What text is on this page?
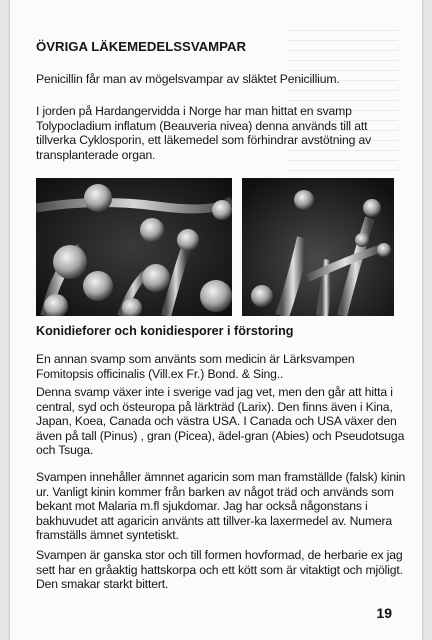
ÖVRIGA LÄKEMEDELSSVAMPAR
Penicillin får man av mögelsvampar av släktet Penicillium.
I jorden på Hardangervidda i Norge har man hittat en svamp Tolypocladium inflatum (Beauveria nivea) denna används till att tillverka Cyklosporin, ett läkemedel som förhindrar avstötning av transplanterade organ.
Konidieforer och konidiesporer i förstoring
En annan svamp som använts som medicin är Lärksvampen Fomitopsis officinalis (Vill.ex Fr.) Bond. & Sing..
Denna svamp växer inte i sverige vad jag vet, men den går att hitta i central, syd och östeuropa på lärkträd (Larix). Den finns även i Kina, Japan, Koea, Canada och västra USA. I Canada och USA växer den även på tall (Pinus) , gran (Picea), ädel-gran (Abies) och Pseudotsuga och Tsuga.
Svampen innehåller ämnnet agaricin som man framställde (falsk) kinin ur. Vanligt kinin kommer från barken av något träd och används som bekant mot Malaria m.fl sjukdomar. Jag har också någonstans i bakhuvudet att agaricin använts att tillver-ka laxermedel av. Numera framställs ämnet syntetiskt.
Svampen är ganska stor och till formen hovformad, de herbarie ex jag sett har en gråaktig hattskorpa och ett kött som är vitaktigt och mjöligt. Den smakar starkt bittert.
19
